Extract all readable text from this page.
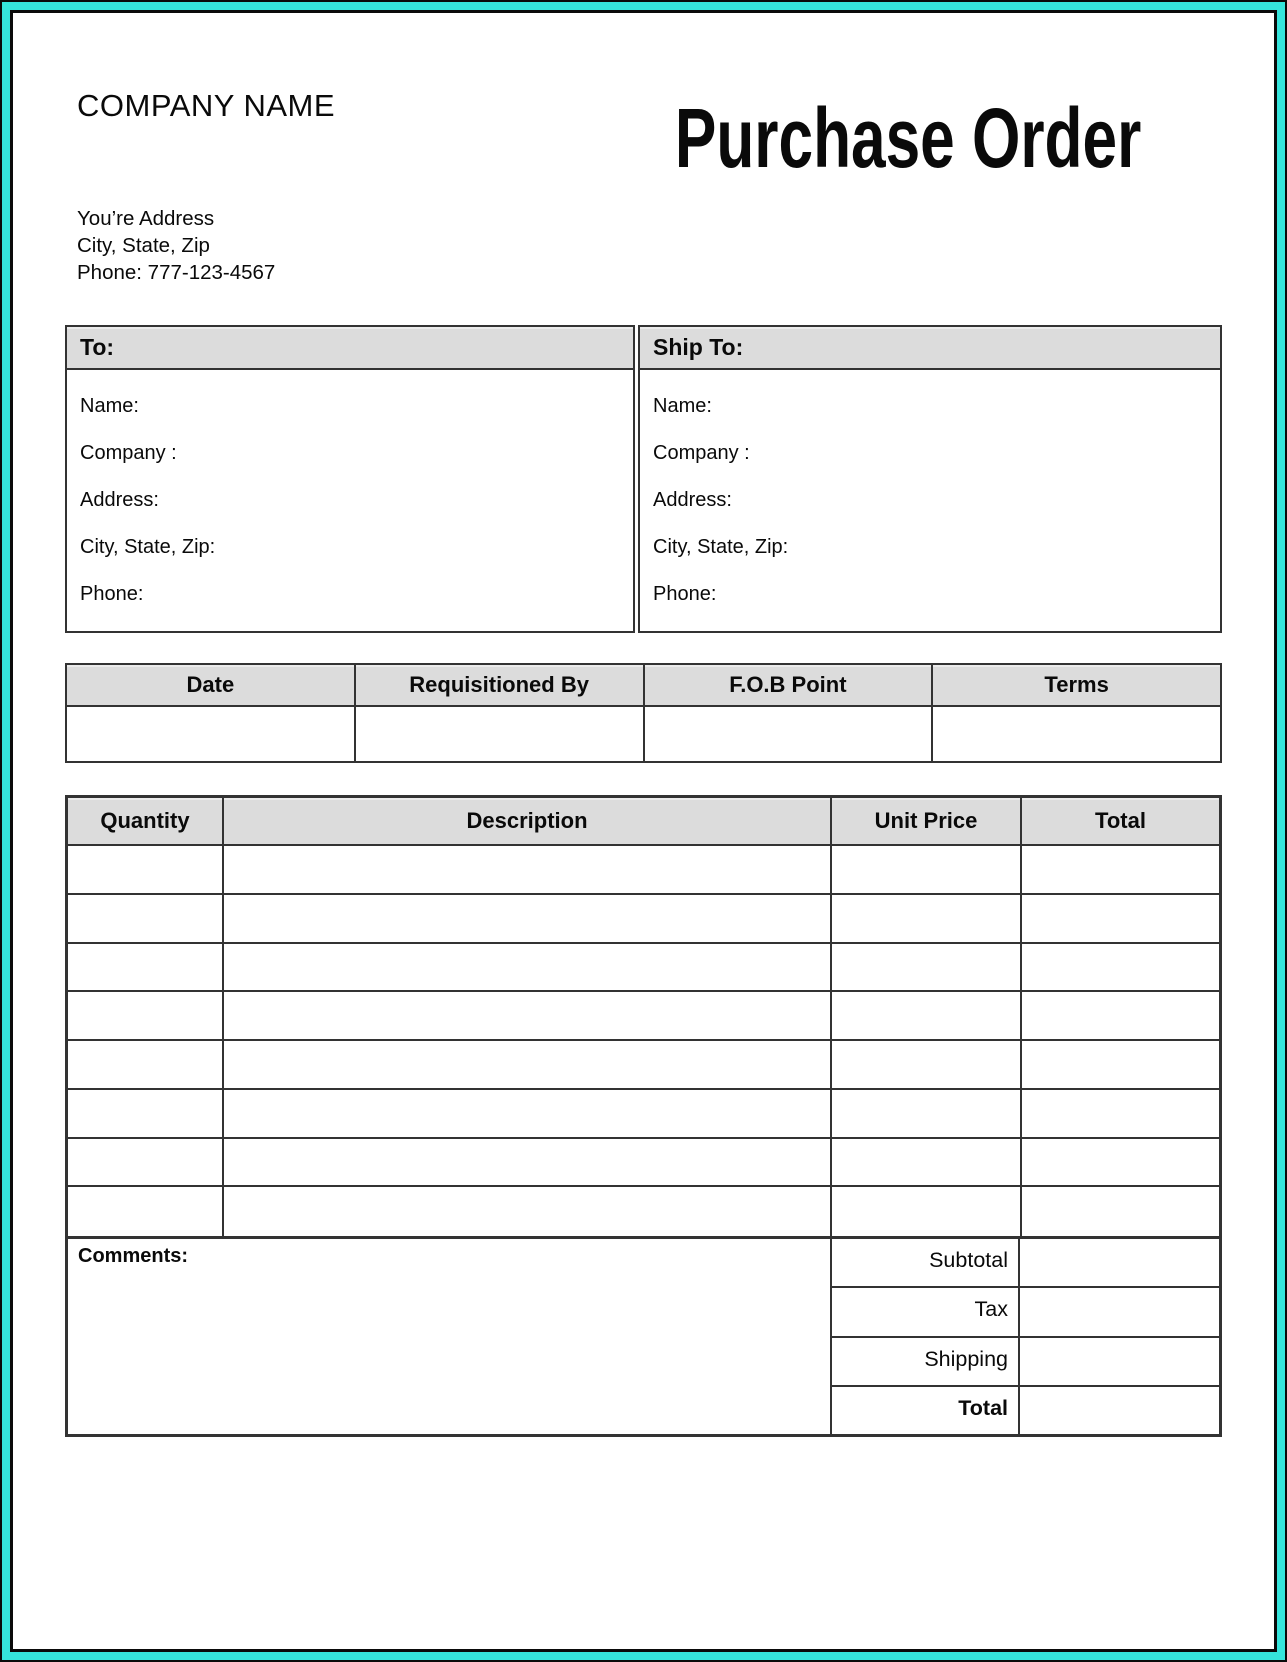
COMPANY NAME	Purchase Order
You’re Address
City, State, Zip
Phone: 777-123-4567
To:
Name:
Company :
Address:
City, State, Zip:
Phone:
Ship To:
Name:
Company :
Address:
City, State, Zip:
Phone:
Date	Requisitioned By	F.O.B Point	Terms
Quantity	Description	Unit Price	Total
Comments:	Subtotal
Tax
Shipping
Total
